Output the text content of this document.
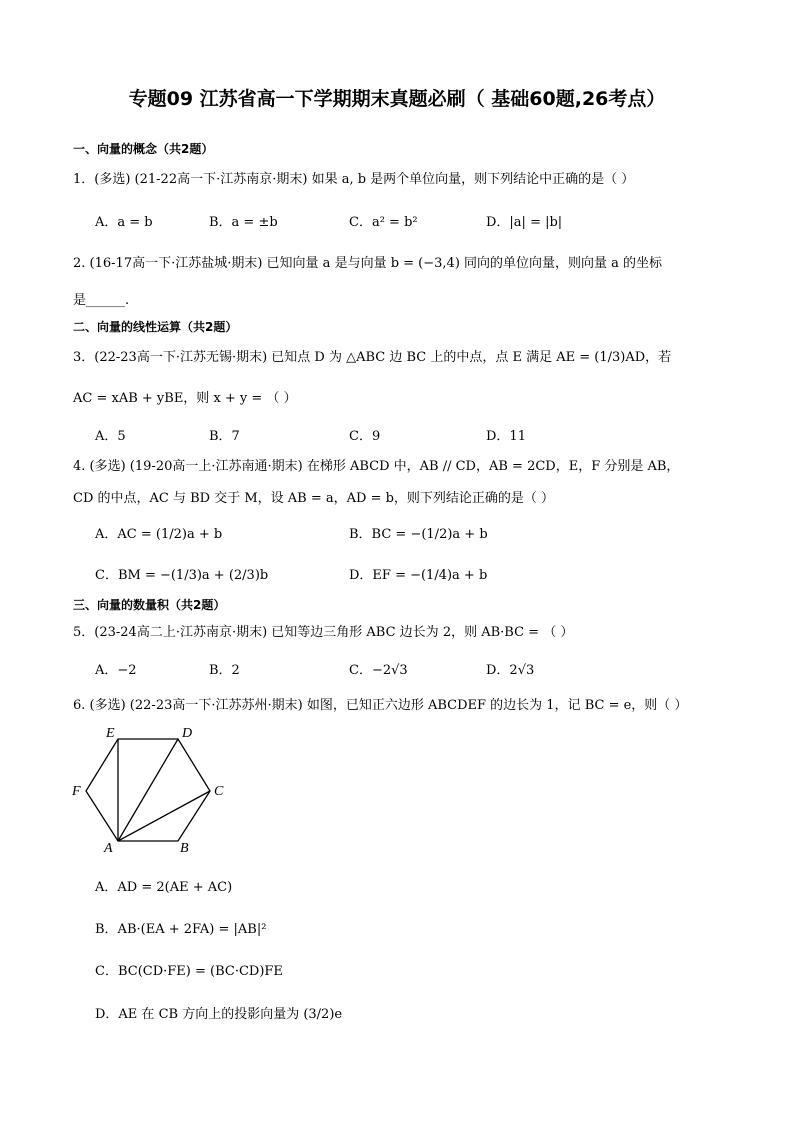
专题09 江苏省高一下学期期末真题必刷（ 基础60题,26考点）
一、向量的概念（共2题）
1．(多选) (21-22高一下·江苏南京·期末) 如果 a, b 是两个单位向量，则下列结论中正确的是（ ）
A．a = b	B．a = ±b	C．a² = b²	D．|a| = |b|
2. (16-17高一下·江苏盐城·期末) 已知向量 a 是与向量 b = (−3,4) 同向的单位向量，则向量 a 的坐标
是______.
二、向量的线性运算（共2题）
3．(22-23高一下·江苏无锡·期末) 已知点 D 为 △ABC 边 BC 上的中点，点 E 满足 AE = (1/3)AD，若
AC = xAB + yBE，则 x + y = （ ）
A．5	B．7	C．9	D．11
4. (多选) (19-20高一上·江苏南通·期末) 在梯形 ABCD 中，AB // CD，AB = 2CD，E，F 分别是 AB，
CD 的中点，AC 与 BD 交于 M，设 AB = a，AD = b，则下列结论正确的是（ ）
A．AC = (1/2)a + b	B．BC = −(1/2)a + b
C．BM = −(1/3)a + (2/3)b	D．EF = −(1/4)a + b
三、向量的数量积（共2题）
5．(23-24高二上·江苏南京·期末) 已知等边三角形 ABC 边长为 2，则 AB·BC = （ ）
A．−2	B．2	C．−2√3	D．2√3
6. (多选) (22-23高一下·江苏苏州·期末) 如图，已知正六边形 ABCDEF 的边长为 1，记 BC = e，则（ ）
A	B
C
D
E
F
A．AD = 2(AE + AC)
B．AB·(EA + 2FA) = |AB|²
C．BC(CD·FE) = (BC·CD)FE
D．AE 在 CB 方向上的投影向量为 (3/2)e
